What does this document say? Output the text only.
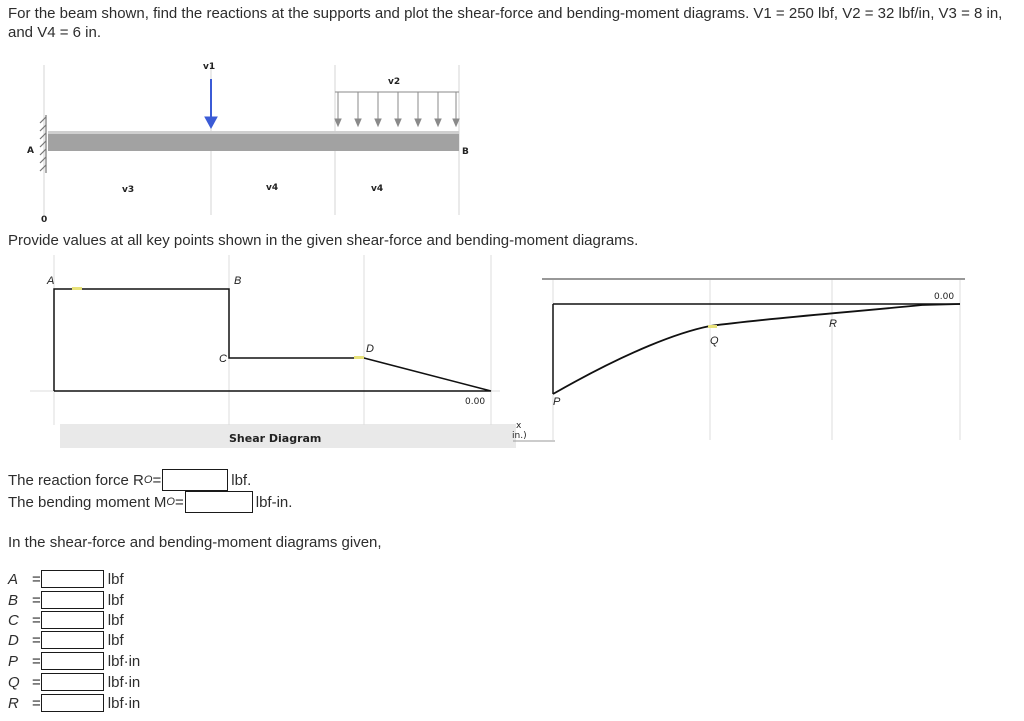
For the beam shown, find the reactions at the supports and plot the shear-force and bending-moment diagrams. V1 = 250 lbf, V2 = 32 lbf/in, V3 = 8 in, and V4 = 6 in.
v1
v2
A	B
v3	v4	v4
0
Provide values at all key points shown in the given shear-force and bending-moment diagrams.
A	B
C
D
0.00
Shear Diagram
0.00
P
Q
R
x
in.)
The reaction force R O =	lbf.
The bending moment M O =	lbf-in.
In the shear-force and bending-moment diagrams given,
A =	lbf
B =	lbf
C =	lbf
D =	lbf
P =	lbf·in
Q =	lbf·in
R =	lbf·in
